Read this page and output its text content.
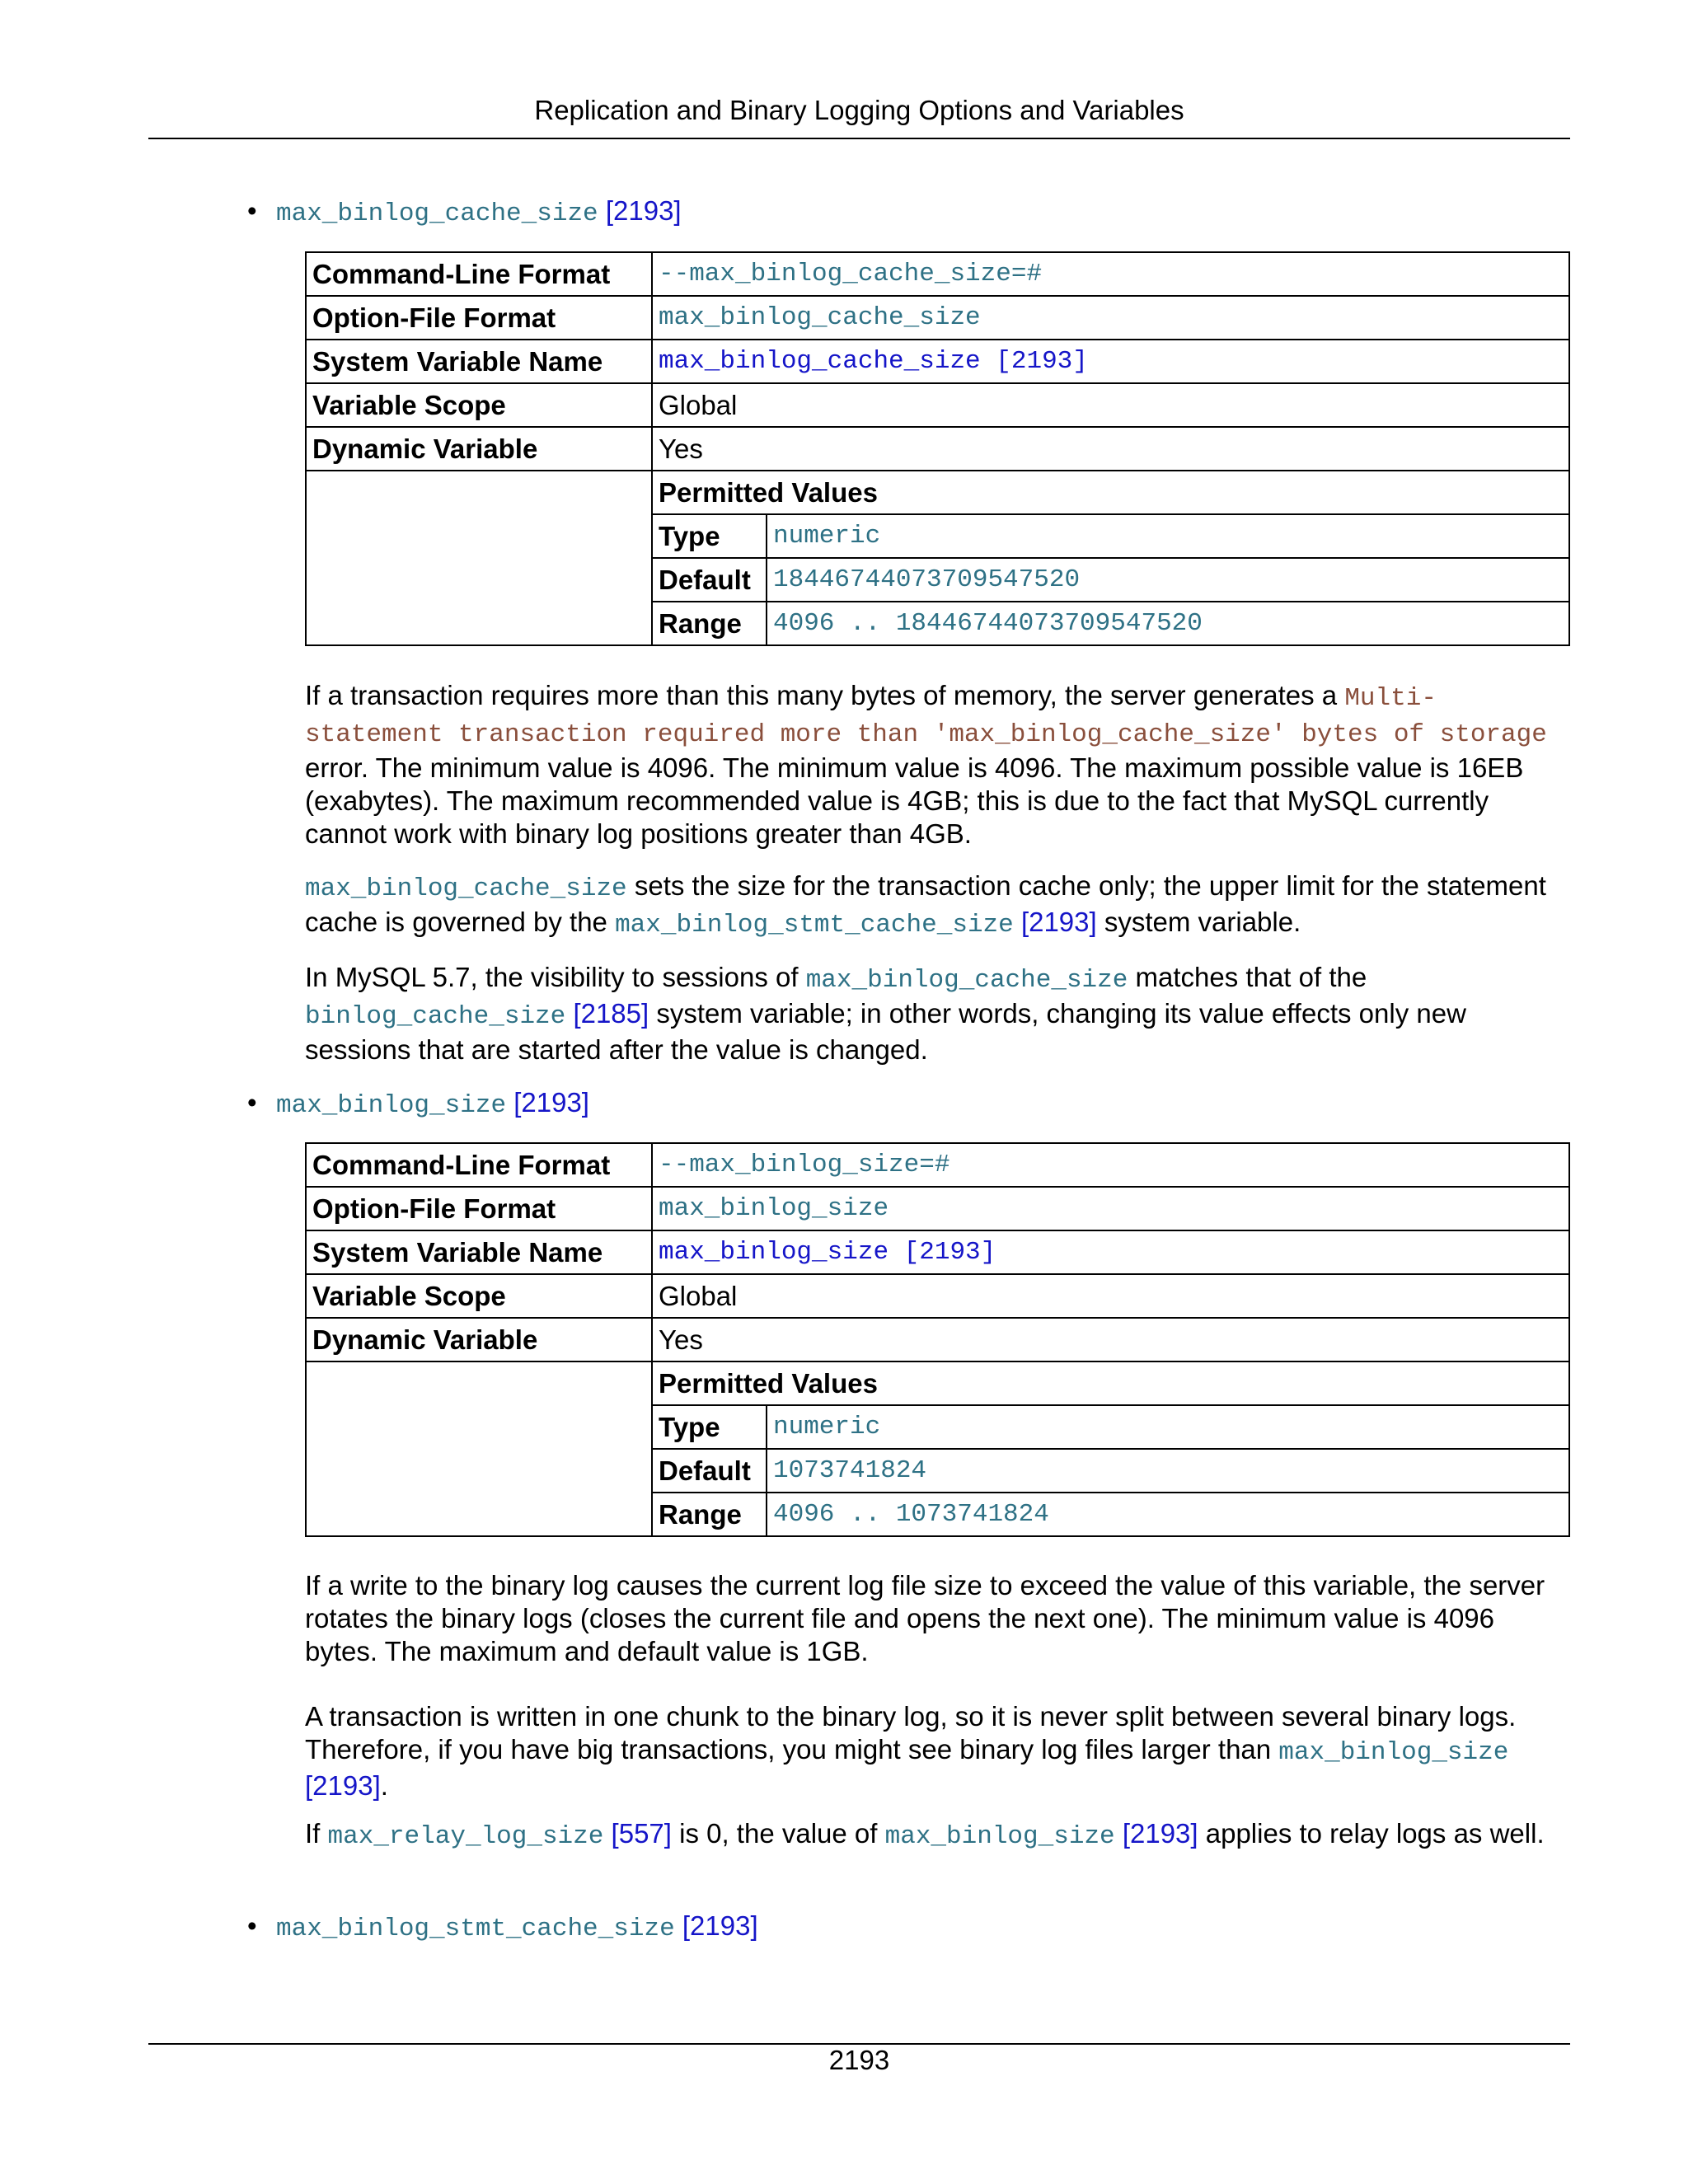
Replication and Binary Logging Options and Variables
• max_binlog_cache_size [2193]
Command-Line Format	--max_binlog_cache_size=#	
Option-File Format	max_binlog_cache_size	
System Variable Name	max_binlog_cache_size [2193]	
Variable Scope	Global	
Dynamic Variable	Yes	
	Permitted Values	
	Type	numeric
	Default	18446744073709547520
	Range	4096 .. 18446744073709547520

If a transaction requires more than this many bytes of memory, the server generates a Multi-statement transaction required more than 'max_binlog_cache_size' bytes of storage error. The minimum value is 4096. The minimum value is 4096. The maximum possible value is 16EB (exabytes). The maximum recommended value is 4GB; this is due to the fact that MySQL currently cannot work with binary log positions greater than 4GB.

max_binlog_cache_size sets the size for the transaction cache only; the upper limit for the statement cache is governed by the max_binlog_stmt_cache_size [2193] system variable.

In MySQL 5.7, the visibility to sessions of max_binlog_cache_size matches that of the binlog_cache_size [2185] system variable; in other words, changing its value effects only new sessions that are started after the value is changed.

• max_binlog_size [2193]
Command-Line Format	--max_binlog_size=#	
Option-File Format	max_binlog_size	
System Variable Name	max_binlog_size [2193]	
Variable Scope	Global	
Dynamic Variable	Yes	
	Permitted Values	
	Type	numeric
	Default	1073741824
	Range	4096 .. 1073741824

If a write to the binary log causes the current log file size to exceed the value of this variable, the server rotates the binary logs (closes the current file and opens the next one). The minimum value is 4096 bytes. The maximum and default value is 1GB.

A transaction is written in one chunk to the binary log, so it is never split between several binary logs. Therefore, if you have big transactions, you might see binary log files larger than max_binlog_size [2193].

If max_relay_log_size [557] is 0, the value of max_binlog_size [2193] applies to relay logs as well.

• max_binlog_stmt_cache_size [2193]
2193
